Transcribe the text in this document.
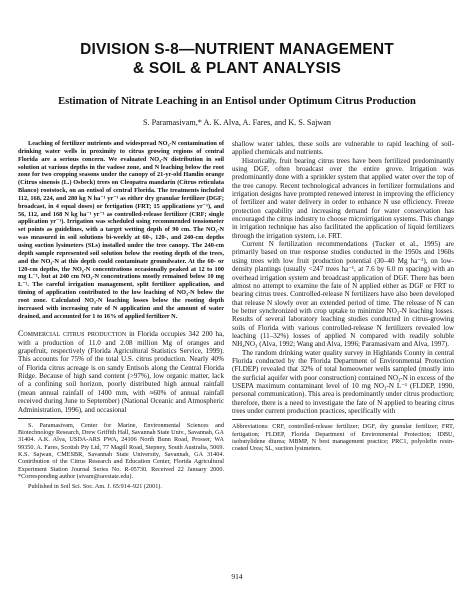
DIVISION S-8—NUTRIENT MANAGEMENT
& SOIL & PLANT ANALYSIS
Estimation of Nitrate Leaching in an Entisol under Optimum Citrus Production
S. Paramasivam,* A. K. Alva, A. Fares, and K. S. Sajwan

Leaching of fertilizer nutrients and widespread NO₃-N contamination of drinking water wells in proximity to citrus growing regions of central Florida are a serious concern. We evaluated NO₃-N distribution in soil solution at various depths in the vadose zone, and N leaching below the root zone for two cropping seasons under the canopy of 21-yr-old Hamlin orange (Citrus sinensis (L.) Osbeck) trees on Cleopatra mandarin (Citrus reticulata Blanco) rootstock, on an entisol of central Florida. The treatments included 112, 168, 224, and 280 kg N ha⁻¹ yr⁻¹ as either dry granular fertilizer (DGF; broadcast, in 4 equal doses) or fertigation (FRT; 15 applications yr⁻¹), and 56, 112, and 168 N kg ha⁻¹ yr⁻¹ as controlled-release fertilizer (CRF; single application yr⁻¹). Irrigation was scheduled using recommended tensiometer set points as guidelines, with a target wetting depth of 90 cm. The NO₃-N was measured in soil solutions bi-weekly at 60-, 120-, and 240-cm depths using suction lysimeters (SLs) installed under the tree canopy. The 240-cm depth sample represented soil solution below the rooting depth of the trees, and the NO₃-N at this depth could contaminate groundwater. At the 60- or 120-cm depths, the NO₃-N concentrations occasionally peaked at 12 to 100 mg L⁻¹, but at 240 cm NO₃-N concentrations mostly remained below 10 mg L⁻¹. The careful irrigation management, split fertilizer application, and timing of application contributed to the low leaching of NO₃-N below the root zone. Calculated NO₃-N leaching losses below the rooting depth increased with increasing rate of N application and the amount of water drained, and accounted for 1 to 16% of applied fertilizer N.

Commercial citrus production in Florida occupies 342 200 ha, with a production of 11.0 and 2.08 million Mg of oranges and grapefruit, respectively (Florida Agricultural Statistics Service, 1999). This accounts for 75% of the total U.S. citrus production. Nearly 40% of Florida citrus acreage is on sandy Entisols along the Central Florida Ridge. Because of high sand content (>97%), low organic matter, lack of a confining soil horizon, poorly distributed high annual rainfall (mean annual rainfall of 1400 mm, with ≈60% of annual rainfall received during June to September) (National Oceanic and Atmospheric Administration, 1996), and occasional

S. Paramasivam, Center for Marine, Environmental Sciences and Biotechnology Research, Drew Griffith Hall, Savannah State Univ., Savannah, GA 31404. A.K. Alva, USDA-ARS PWA, 24106 North Bunn Road, Prosser, WA 99350. A. Fares, Scottsh Pty Ltd, 77 Magill Road, Stepney, South Australia, 5069. K.S. Sajwan, CMESBR, Savannah State University, Savannah, GA 31404. Contribution of the Citrus Research and Education Center, Florida Agricultural Experiment Station Journal Series No. R-05730. Received 22 January 2000. *Corresponding author (sivam@savstate.edu).

Published in Soil Sci. Soc. Am. J. 65:914–921 (2001).

shallow water tables, these soils are vulnerable to rapid leaching of soil-applied chemicals and nutrients.

Historically, fruit bearing citrus trees have been fertilized predominantly using DGF, often broadcast over the entire grove. Irrigation was predominantly done with a sprinkler system that applied water over the top of the tree canopy. Recent technological advances in fertilizer formulations and irrigation designs have prompted renewed interest in improving the efficiency of fertilizer and water delivery in order to enhance N use efficiency. Freeze protection capability and increasing demand for water conservation has encouraged the citrus industry to choose microirrigation systems. This change in irrigation technique has also facilitated the application of liquid fertilizers through the irrigation system, i.e. FRT.

Current N fertilization recommendations (Tucker et al., 1995) are primarily based on true response studies conducted in the 1950s and 1960s using trees with low fruit production potential (30–40 Mg ha⁻¹), on low-density plantings (usually <247 trees ha⁻¹, at 7.6 by 6.0 m spacing) with an overhead irrigation system and broadcast application of DGF. There has been almost no attempt to examine the fate of N applied either as DGF or FRT to bearing citrus trees. Controlled-release N fertilizers have also been developed that release N slowly over an extended period of time. The release of N can be better synchronized with crop uptake to minimize NO₃-N leaching losses. Results of several laboratory leaching studies conducted in citrus-growing soils of Florida with various controlled-release N fertilizers revealed low leaching (11–32%) losses of applied N compared with readily soluble NH₄NO₃ (Alva, 1992; Wang and Alva, 1996; Paramasivam and Alva, 1997).

The random drinking water quality survey in Highlands County in central Florida conducted by the Florida Department of Environmental Protection (FLDEP) revealed that 32% of total homeowner wells sampled (mostly into the surficial aquifer with poor construction) contained NO₃-N in excess of the USEPA maximum contaminant level of 10 mg NO₃-N L⁻¹ (FLDEP, 1990, personal communication). This area is predominantly under citrus production; therefore, there is a need to investigate the fate of N applied to bearing citrus trees under current production practices, specifically with

Abbreviations: CRF, controlled-release fertilizer; DGF, dry granular fertilizer; FRT, fertigation; FLDEP, Florida Department of Environmental Protection; IDBU, isobutylidene diurea; MBMP, N best management practice; PRC1, polyolefin resin-coated Urea; SL, suction lysimeters.

914
